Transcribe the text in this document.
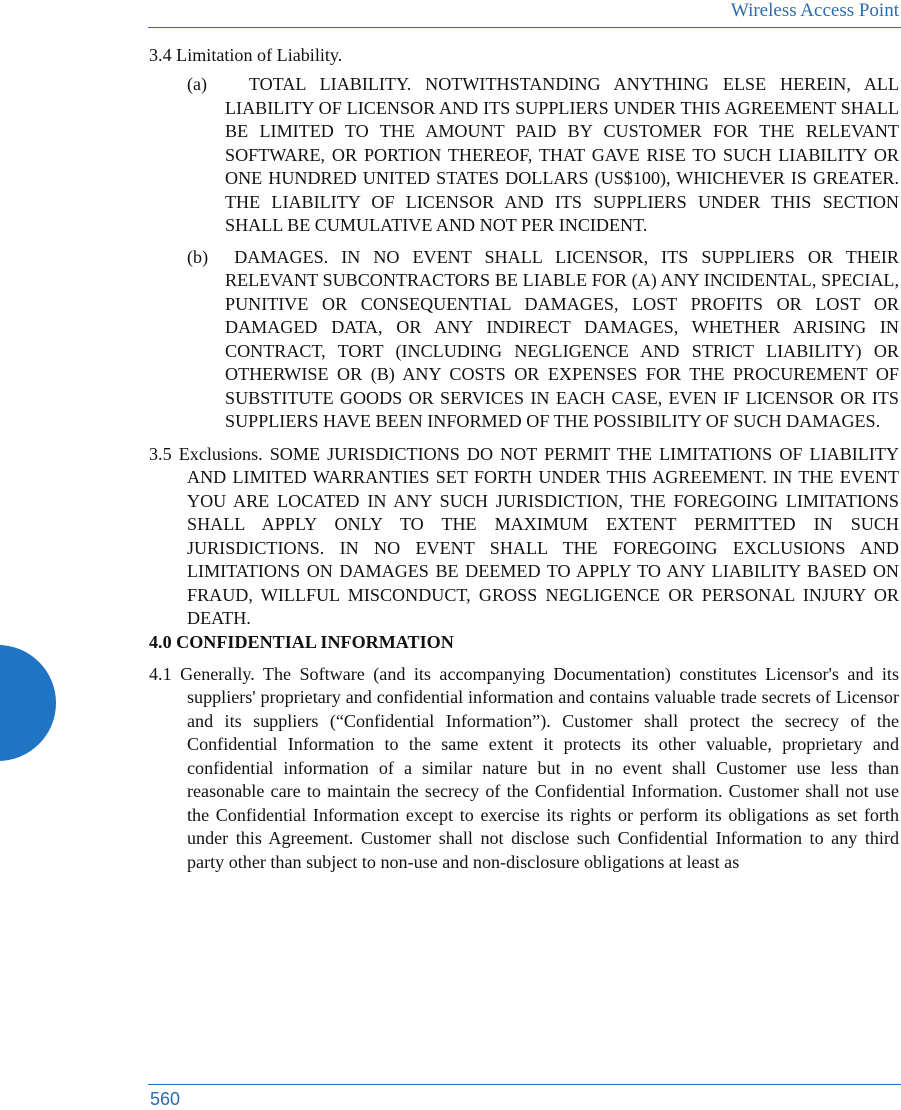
Wireless Access Point

3.4 Limitation of Liability.

(a) TOTAL LIABILITY. NOTWITHSTANDING ANYTHING ELSE HEREIN, ALL LIABILITY OF LICENSOR AND ITS SUPPLIERS UNDER THIS AGREEMENT SHALL BE LIMITED TO THE AMOUNT PAID BY CUSTOMER FOR THE RELEVANT SOFTWARE, OR PORTION THEREOF, THAT GAVE RISE TO SUCH LIABILITY OR ONE HUNDRED UNITED STATES DOLLARS (US$100), WHICHEVER IS GREATER. THE LIABILITY OF LICENSOR AND ITS SUPPLIERS UNDER THIS SECTION SHALL BE CUMULATIVE AND NOT PER INCIDENT.

(b) DAMAGES. IN NO EVENT SHALL LICENSOR, ITS SUPPLIERS OR THEIR RELEVANT SUBCONTRACTORS BE LIABLE FOR (A) ANY INCIDENTAL, SPECIAL, PUNITIVE OR CONSEQUENTIAL DAMAGES, LOST PROFITS OR LOST OR DAMAGED DATA, OR ANY INDIRECT DAMAGES, WHETHER ARISING IN CONTRACT, TORT (INCLUDING NEGLIGENCE AND STRICT LIABILITY) OR OTHERWISE OR (B) ANY COSTS OR EXPENSES FOR THE PROCUREMENT OF SUBSTITUTE GOODS OR SERVICES IN EACH CASE, EVEN IF LICENSOR OR ITS SUPPLIERS HAVE BEEN INFORMED OF THE POSSIBILITY OF SUCH DAMAGES.

3.5 Exclusions. SOME JURISDICTIONS DO NOT PERMIT THE LIMITATIONS OF LIABILITY AND LIMITED WARRANTIES SET FORTH UNDER THIS AGREEMENT. IN THE EVENT YOU ARE LOCATED IN ANY SUCH JURISDICTION, THE FOREGOING LIMITATIONS SHALL APPLY ONLY TO THE MAXIMUM EXTENT PERMITTED IN SUCH JURISDICTIONS. IN NO EVENT SHALL THE FOREGOING EXCLUSIONS AND LIMITATIONS ON DAMAGES BE DEEMED TO APPLY TO ANY LIABILITY BASED ON FRAUD, WILLFUL MISCONDUCT, GROSS NEGLIGENCE OR PERSONAL INJURY OR DEATH.

4.0 CONFIDENTIAL INFORMATION

4.1 Generally. The Software (and its accompanying Documentation) constitutes Licensor's and its suppliers' proprietary and confidential information and contains valuable trade secrets of Licensor and its suppliers (“Confidential Information”). Customer shall protect the secrecy of the Confidential Information to the same extent it protects its other valuable, proprietary and confidential information of a similar nature but in no event shall Customer use less than reasonable care to maintain the secrecy of the Confidential Information. Customer shall not use the Confidential Information except to exercise its rights or perform its obligations as set forth under this Agreement. Customer shall not disclose such Confidential Information to any third party other than subject to non-use and non-disclosure obligations at least as

560
